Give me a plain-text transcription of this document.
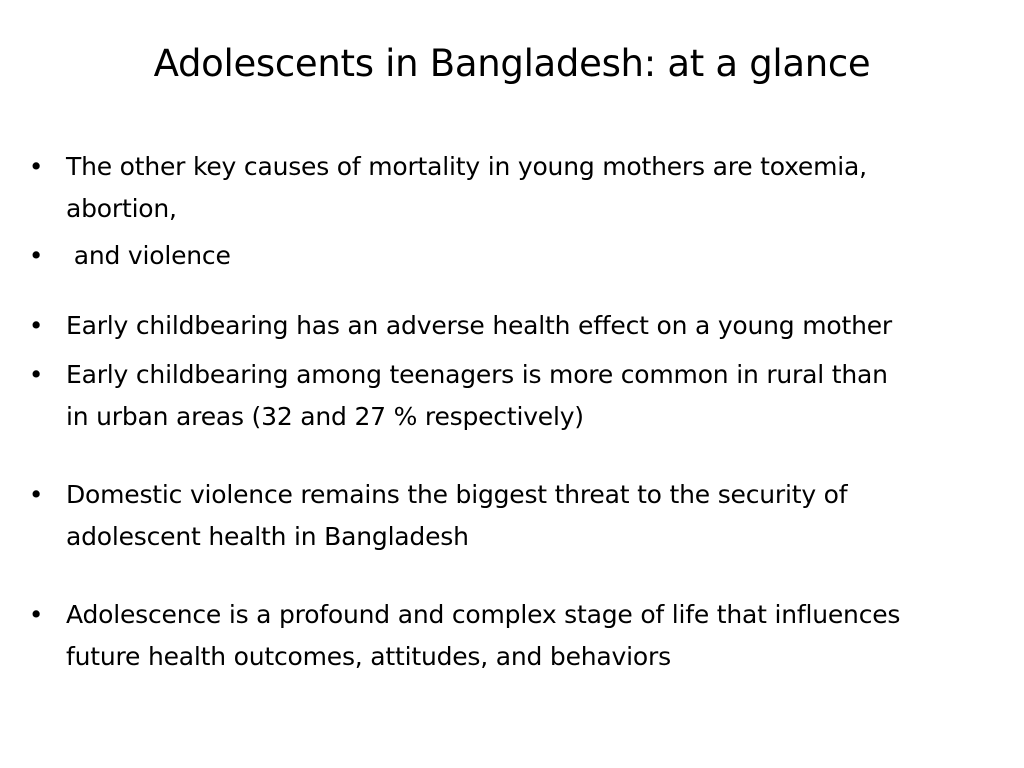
Adolescents in Bangladesh: at a glance
• The other key causes of mortality in young mothers are toxemia,
abortion,
• and violence
• Early childbearing has an adverse health effect on a young mother
• Early childbearing among teenagers is more common in rural than
in urban areas (32 and 27 % respectively)
• Domestic violence remains the biggest threat to the security of
adolescent health in Bangladesh
• Adolescence is a profound and complex stage of life that influences
future health outcomes, attitudes, and behaviors
